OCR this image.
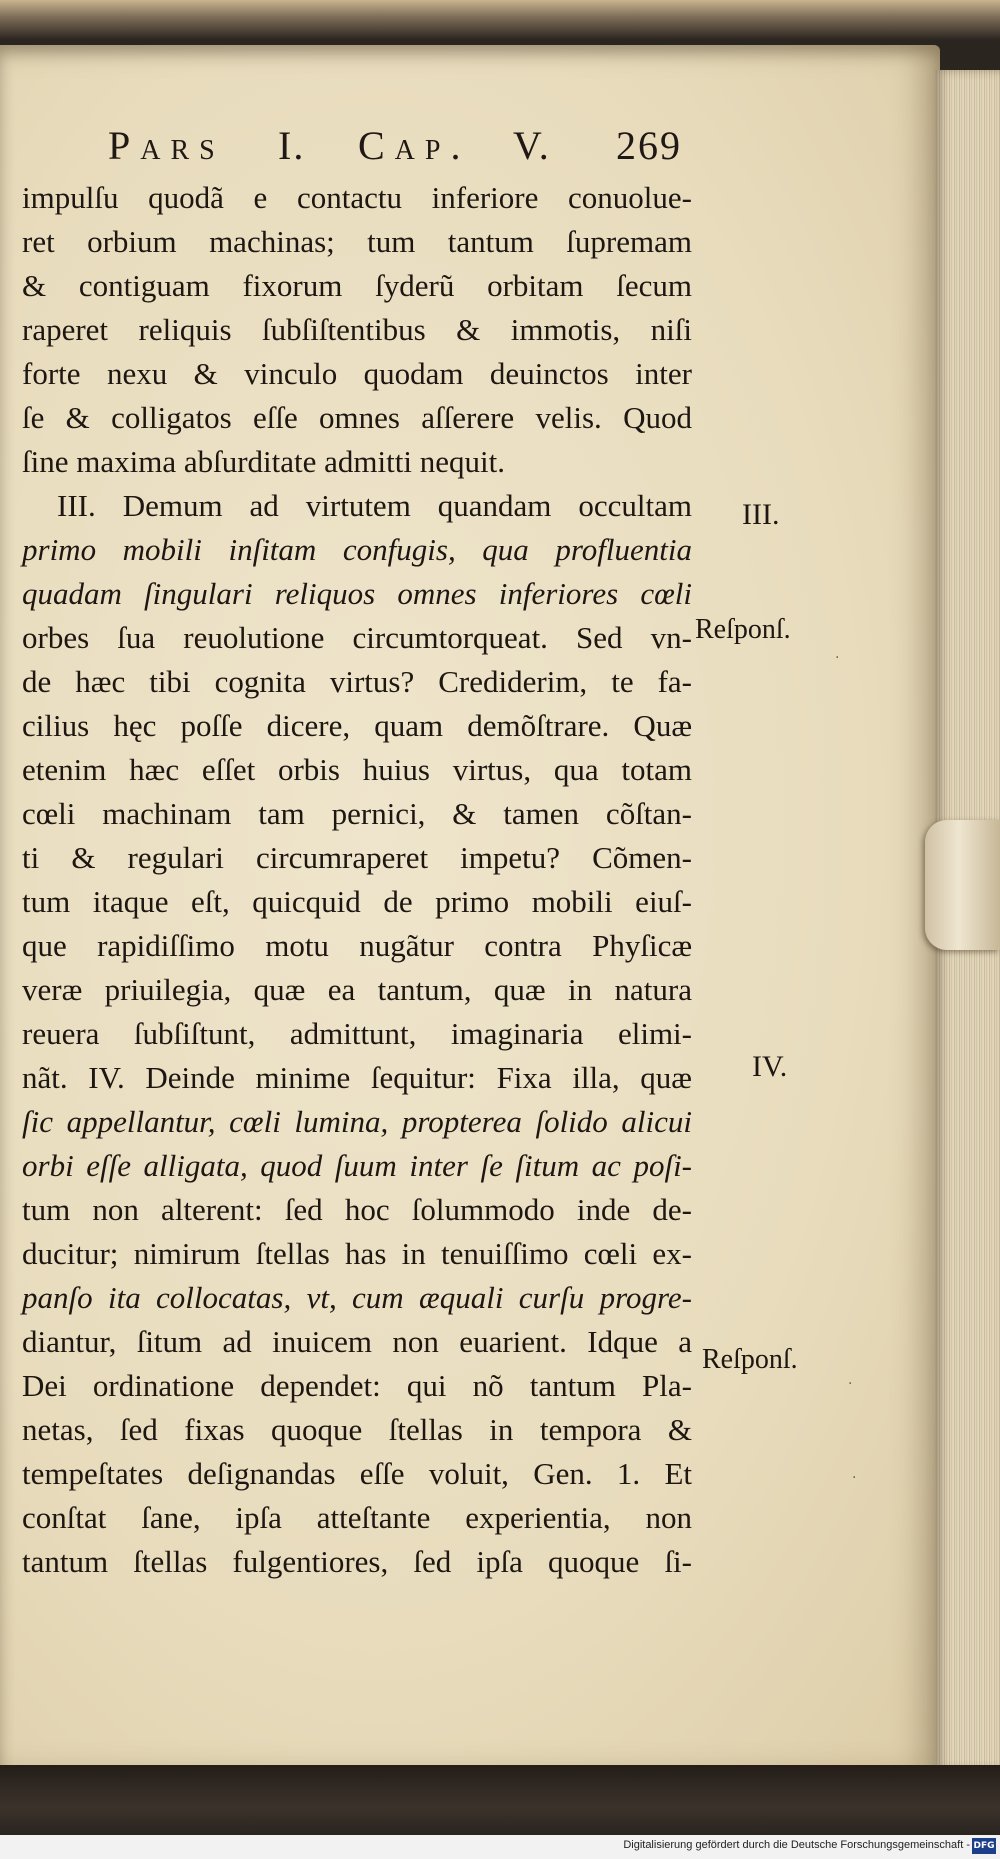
Pars I. Cap. V. 269
impulſu quodã e contactu inferiore conuolue-
ret orbium machinas; tum tantum ſupremam
& contiguam fixorum ſyderũ orbitam ſecum
raperet reliquis ſubſiſtentibus & immotis, niſi
forte nexu & vinculo quodam deuinctos inter
ſe & colligatos eſſe omnes aſſerere velis. Quod
ſine maxima abſurditate admitti nequit.
III. Demum ad virtutem quandam occultam
primo mobili inſitam confugis, qua profluentia
quadam ſingulari reliquos omnes inferiores cœli
orbes ſua reuolutione circumtorqueat. Sed vn-
de hæc tibi cognita virtus? Crediderim, te fa-
cilius hęc poſſe dicere, quam demõſtrare. Quæ
etenim hæc eſſet orbis huius virtus, qua totam
cœli machinam tam pernici, & tamen cõſtan-
ti & regulari circumraperet impetu? Cõmen-
tum itaque eſt, quicquid de primo mobili eiuſ-
que rapidiſſimo motu nugãtur contra Phyſicæ
veræ priuilegia, quæ ea tantum, quæ in natura
reuera ſubſiſtunt, admittunt, imaginaria elimi-
nãt. IV. Deinde minime ſequitur: Fixa illa, quæ
ſic appellantur, cœli lumina, propterea ſolido alicui
orbi eſſe alligata, quod ſuum inter ſe ſitum ac poſi-
tum non alterent: ſed hoc ſolummodo inde de-
ducitur; nimirum ſtellas has in tenuiſſimo cœli ex-
panſo ita collocatas, vt, cum æquali curſu progre-
diantur, ſitum ad inuicem non euarient. Idque a
Dei ordinatione dependet: qui nõ tantum Pla-
netas, ſed fixas quoque ſtellas in tempora &
tempeſtates deſignandas eſſe voluit, Gen. 1. Et
conſtat ſane, ipſa atteſtante experientia, non
tantum ſtellas fulgentiores, ſed ipſa quoque ſi-
III.
Reſponſ.
IV.
Reſponſ.
·
·
·
Digitalisierung gefördert durch die Deutsche Forschungsgemeinschaft - DFG
